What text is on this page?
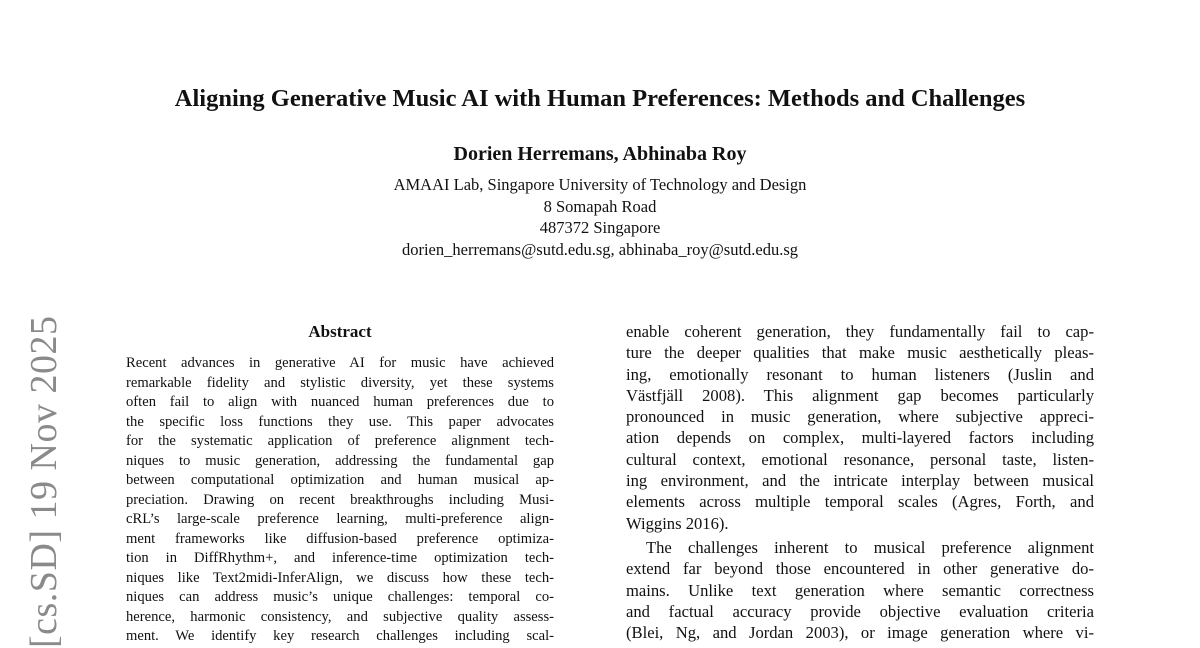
[cs.SD] 19 Nov 2025
Aligning Generative Music AI with Human Preferences: Methods and Challenges
Dorien Herremans, Abhinaba Roy
AMAAI Lab, Singapore University of Technology and Design
8 Somapah Road
487372 Singapore
dorien_herremans@sutd.edu.sg, abhinaba_roy@sutd.edu.sg
Abstract
Recent advances in generative AI for music have achieved
remarkable fidelity and stylistic diversity, yet these systems
often fail to align with nuanced human preferences due to
the specific loss functions they use. This paper advocates
for the systematic application of preference alignment tech-
niques to music generation, addressing the fundamental gap
between computational optimization and human musical ap-
preciation. Drawing on recent breakthroughs including Musi-
cRL’s large-scale preference learning, multi-preference align-
ment frameworks like diffusion-based preference optimiza-
tion in DiffRhythm+, and inference-time optimization tech-
niques like Text2midi-InferAlign, we discuss how these tech-
niques can address music’s unique challenges: temporal co-
herence, harmonic consistency, and subjective quality assess-
ment. We identify key research challenges including scal-
enable coherent generation, they fundamentally fail to cap-
ture the deeper qualities that make music aesthetically pleas-
ing, emotionally resonant to human listeners (Juslin and
Västfjäll 2008). This alignment gap becomes particularly
pronounced in music generation, where subjective appreci-
ation depends on complex, multi-layered factors including
cultural context, emotional resonance, personal taste, listen-
ing environment, and the intricate interplay between musical
elements across multiple temporal scales (Agres, Forth, and
Wiggins 2016).
The challenges inherent to musical preference alignment
extend far beyond those encountered in other generative do-
mains. Unlike text generation where semantic correctness
and factual accuracy provide objective evaluation criteria
(Blei, Ng, and Jordan 2003), or image generation where vi-
